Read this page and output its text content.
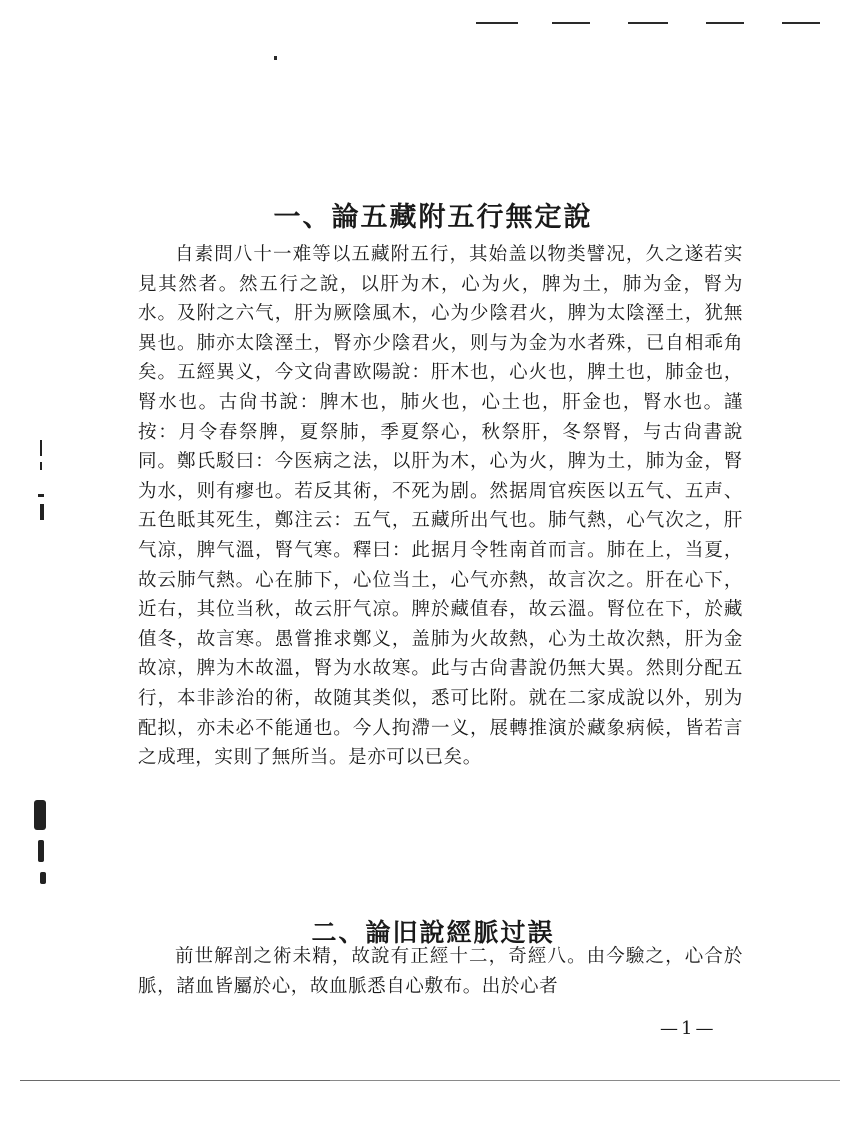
一、論五藏附五行無定說

自素問八十一难等以五藏附五行，其始盖以物类譬况，久之遂若实見其然者。然五行之說，以肝为木，心为火，脾为土，肺为金，腎为水。及附之六气，肝为厥陰風木，心为少陰君火，脾为太陰溼土，犹無異也。肺亦太陰溼土，腎亦少陰君火，则与为金为水者殊，已自相乖角矣。五經異义，今文尙書欧陽說：肝木也，心火也，脾土也，肺金也，腎水也。古尙书說：脾木也，肺火也，心土也，肝金也，腎水也。謹按：月令春祭脾，夏祭肺，季夏祭心，秋祭肝，冬祭腎，与古尙書說同。鄭氏駁曰：今医病之法，以肝为木，心为火，脾为土，肺为金，腎为水，则有瘳也。若反其術，不死为剧。然据周官疾医以五气、五声、五色眡其死生，鄭注云：五气，五藏所出气也。肺气熱，心气次之，肝气凉，脾气溫，腎气寒。釋曰：此据月令牲南首而言。肺在上，当夏，故云肺气熱。心在肺下，心位当土，心气亦熱，故言次之。肝在心下，近右，其位当秋，故云肝气凉。脾於藏值春，故云溫。腎位在下，於藏值冬，故言寒。愚嘗推求鄭义，盖肺为火故熱，心为土故次熱，肝为金故凉，脾为木故溫，腎为水故寒。此与古尙書說仍無大異。然則分配五行，本非診治的術，故随其类似，悉可比附。就在二家成說以外，别为配拟，亦未必不能通也。今人拘滯一义，展轉推演於藏象病候，皆若言之成理，实則了無所当。是亦可以已矣。

二、論旧說經脈过誤

前世解剖之術未精，故說有正經十二，奇經八。由今驗之，心合於脈，諸血皆屬於心，故血脈悉自心敷布。出於心者

—1—
